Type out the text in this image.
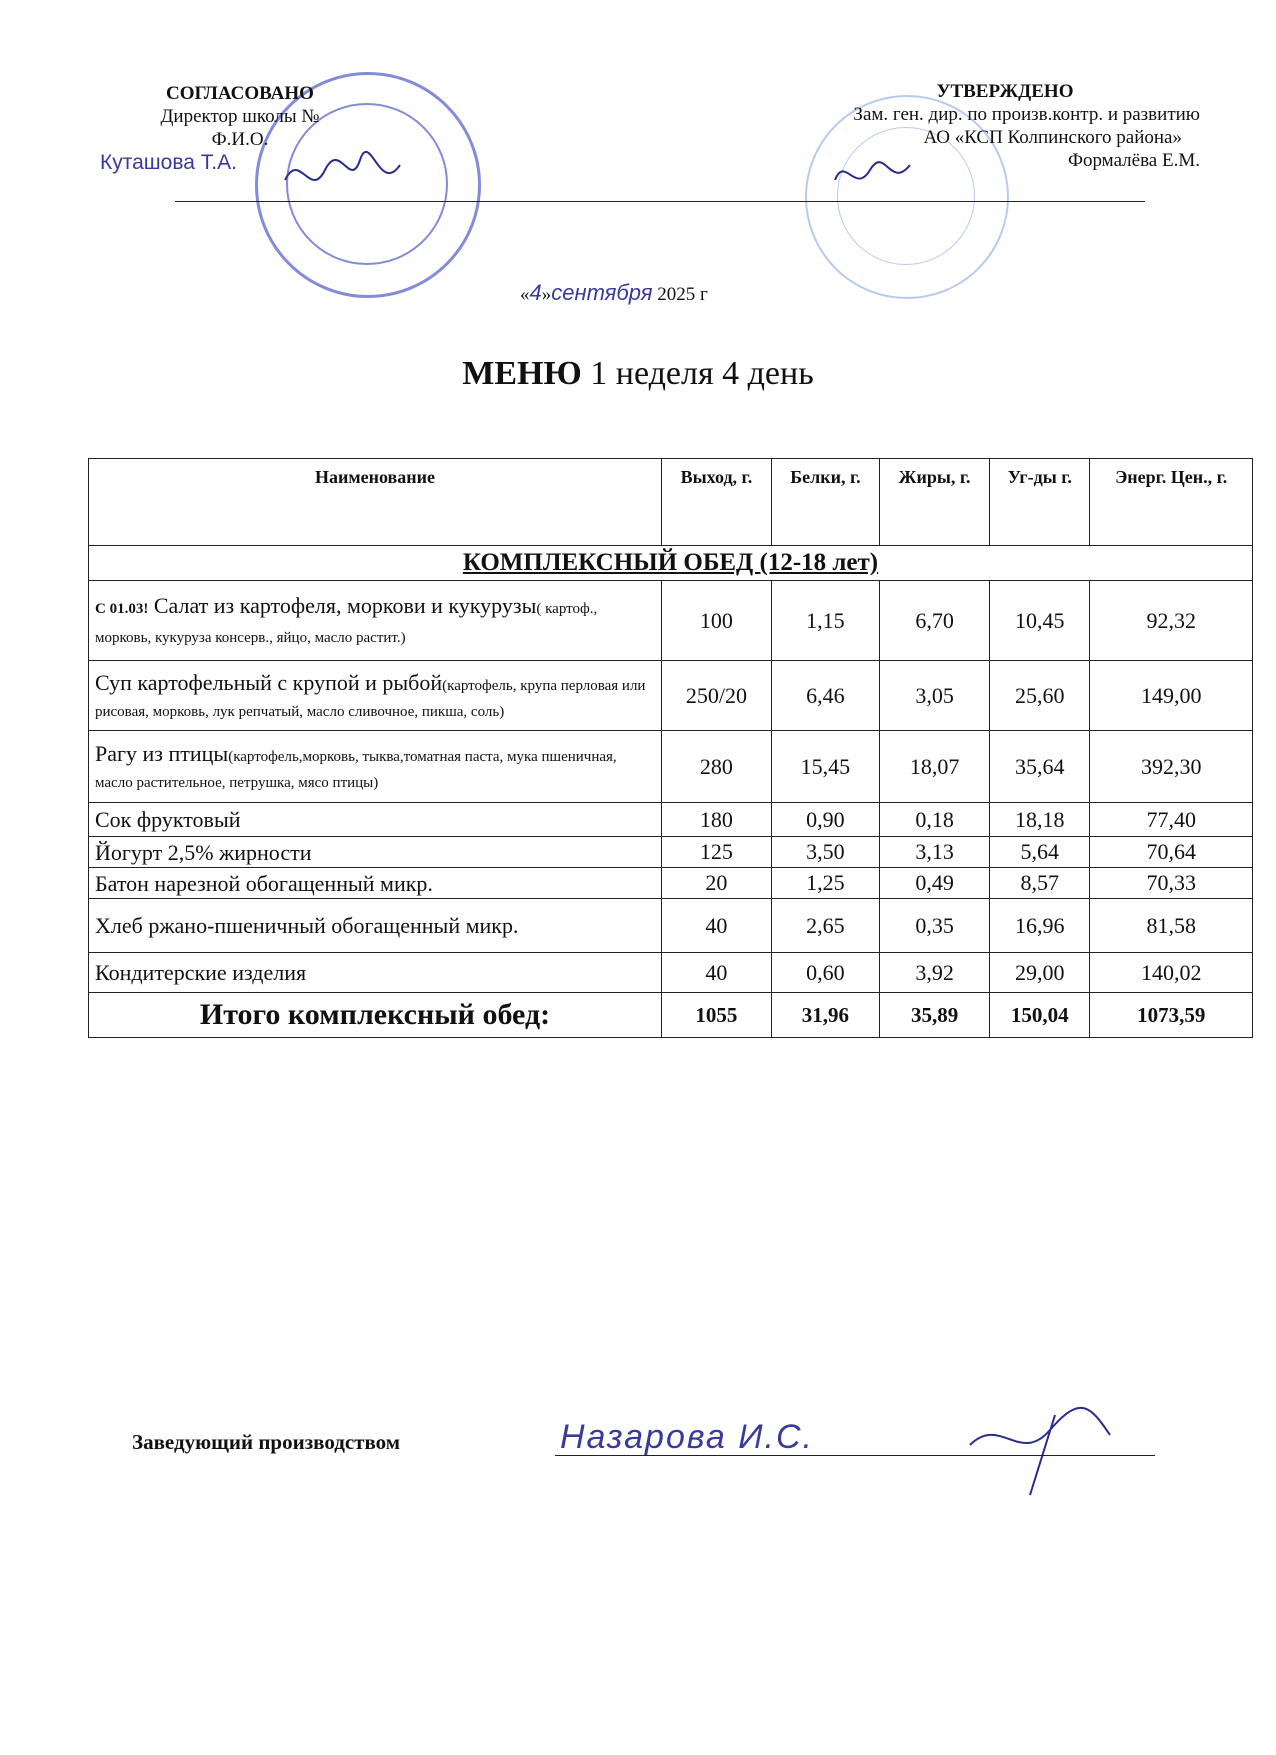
СОГЛАСОВАНО
Директор школы №
Ф.И.О.
Куташова Т.А.
УТВЕРЖДЕНО
Зам. ген. дир. по произв.контр. и развитию
АО «КСП Колпинского района»
Формалёва Е.М.
«4»сентября 2025 г
МЕНЮ 1 неделя 4 день
Наименование	Выход, г.	Белки, г.	Жиры, г.	Уг-ды г.	Энерг. Цен., г.
КОМПЛЕКСНЫЙ ОБЕД (12-18 лет)					
С 01.03! Салат из картофеля, моркови и кукурузы( картоф., морковь, кукуруза консерв., яйцо, масло растит.)	100	1,15	6,70	10,45	92,32
Суп картофельный с крупой и рыбой(картофель, крупа перловая или рисовая, морковь, лук репчатый, масло сливочное, пикша, соль)	250/20	6,46	3,05	25,60	149,00
Рагу из птицы(картофель,морковь, тыква,томатная паста, мука пшеничная, масло растительное, петрушка, мясо птицы)	280	15,45	18,07	35,64	392,30
Сок фруктовый	180	0,90	0,18	18,18	77,40
Йогурт 2,5% жирности	125	3,50	3,13	5,64	70,64
Батон нарезной обогащенный микр.	20	1,25	0,49	8,57	70,33
Хлеб ржано-пшеничный обогащенный микр.	40	2,65	0,35	16,96	81,58
Кондитерские изделия	40	0,60	3,92	29,00	140,02
Итого комплексный обед:	1055	31,96	35,89	150,04	1073,59
Заведующий производством	Назарова И.С.
